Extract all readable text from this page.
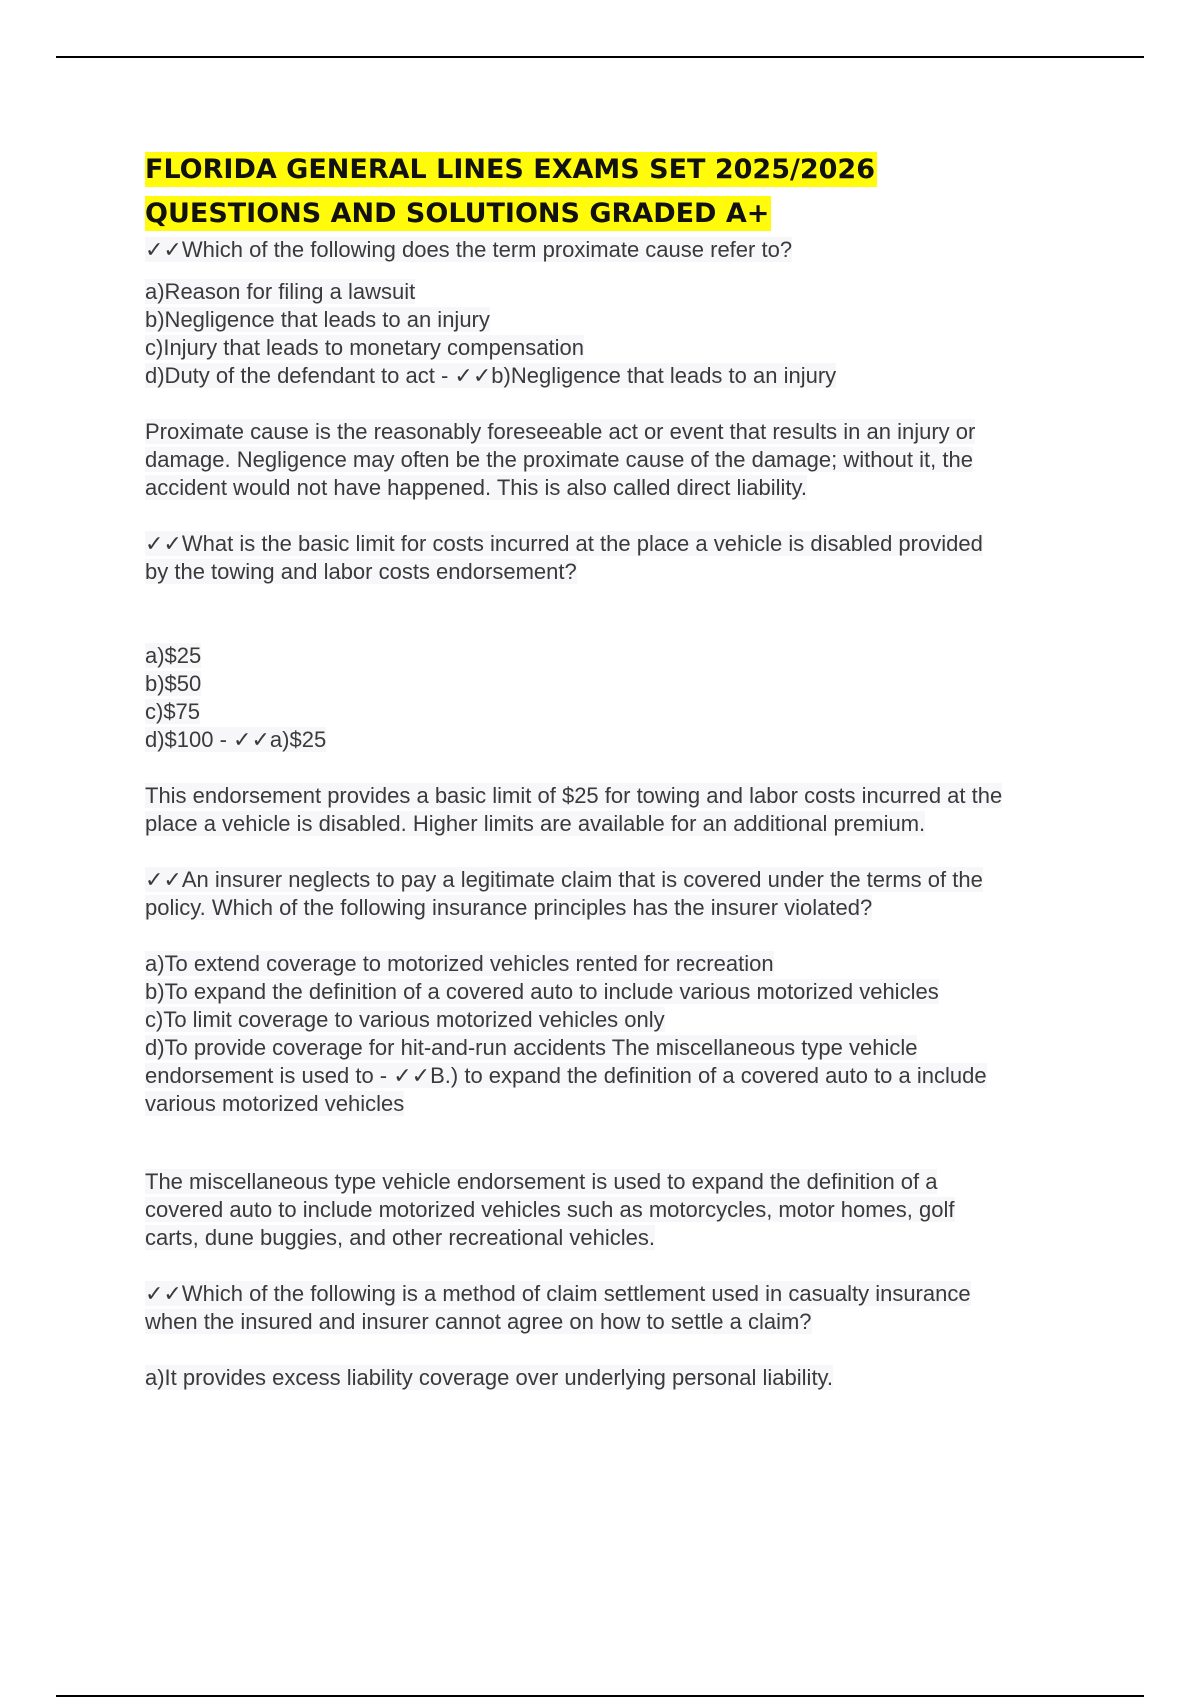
FLORIDA GENERAL LINES EXAMS SET 2025/2026
QUESTIONS AND SOLUTIONS GRADED A+

✓✓Which of the following does the term proximate cause refer to?

a)Reason for filing a lawsuit

b)Negligence that leads to an injury

c)Injury that leads to monetary compensation

d)Duty of the defendant to act - ✓✓b)Negligence that leads to an injury

Proximate cause is the reasonably foreseeable act or event that results in an injury or

damage. Negligence may often be the proximate cause of the damage; without it, the

accident would not have happened. This is also called direct liability.

✓✓What is the basic limit for costs incurred at the place a vehicle is disabled provided

by the towing and labor costs endorsement?

a)$25

b)$50

c)$75

d)$100 - ✓✓a)$25

This endorsement provides a basic limit of $25 for towing and labor costs incurred at the

place a vehicle is disabled. Higher limits are available for an additional premium.

✓✓An insurer neglects to pay a legitimate claim that is covered under the terms of the

policy. Which of the following insurance principles has the insurer violated?

a)To extend coverage to motorized vehicles rented for recreation

b)To expand the definition of a covered auto to include various motorized vehicles

c)To limit coverage to various motorized vehicles only

d)To provide coverage for hit-and-run accidents The miscellaneous type vehicle

endorsement is used to - ✓✓B.) to expand the definition of a covered auto to a include

various motorized vehicles

The miscellaneous type vehicle endorsement is used to expand the definition of a

covered auto to include motorized vehicles such as motorcycles, motor homes, golf

carts, dune buggies, and other recreational vehicles.

✓✓Which of the following is a method of claim settlement used in casualty insurance

when the insured and insurer cannot agree on how to settle a claim?

a)It provides excess liability coverage over underlying personal liability.
